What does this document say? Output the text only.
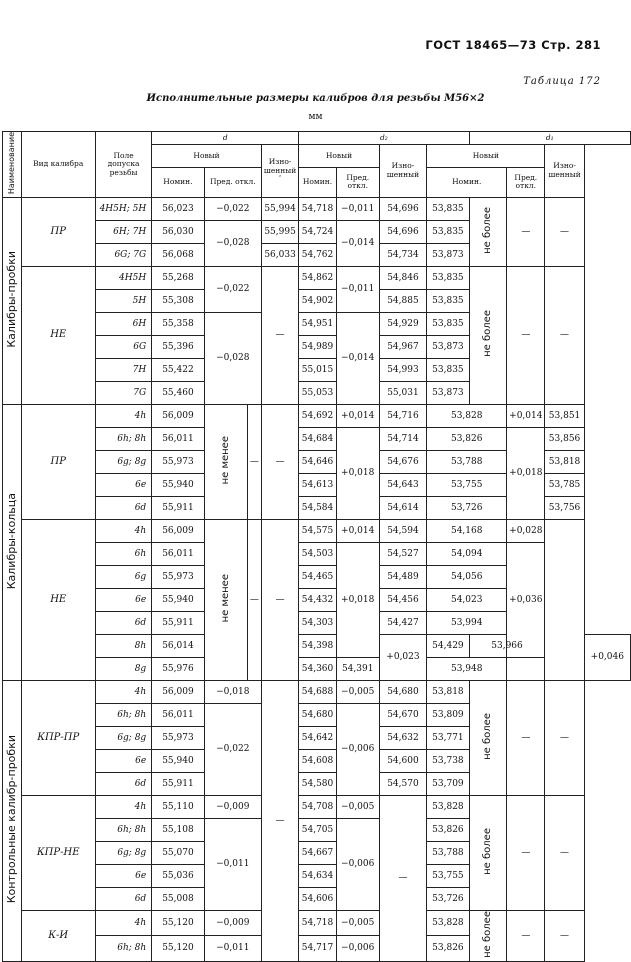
ГОСТ 18465—73 Стр. 281
Таблица 172
Исполнительные размеры калибров для резьбы М56×2
мм
Наименование	Вид калибра	Поле допуска резьбы	d				d₂				d₁			
			Новый			Изно- шенный
ʹ	Новый		Изно- шенный	Новый			Изно- шенный	
			Номин.	Пред. откл.			Номин.	Пред. откл.		Номин.		Пред. откл.		
Калибры-пробки	ПР	4H5H; 5H	56,023	−0,022		55,994	54,718	−0,011	54,696	53,835	не более	—	—	
		6H; 7H	56,030	−0,028		55,995	54,724	−0,014	54,696	53,835				
		6G; 7G	56,068			56,033	54,762		54,734	53,873				
	НЕ	4H5H	55,268	−0,022		—	54,862	−0,011	54,846	53,835	не более	—	—	
		5H	55,308				54,902		54,885	53,835				
		6H	55,358	−0,028			54,951	−0,014	54,929	53,835				
		6G	55,396				54,989		54,967	53,873				
		7H	55,422				55,015		54,993	53,835				
		7G	55,460				55,053		55,031	53,873				
Калибры-кольца	ПР	4h	56,009	не менее	—	—	54,692	+0,014	54,716	53,828		+0,014	53,851	
		6h; 8h	56,011				54,684	+0,018	54,714	53,826		+0,018	53,856	
		6g; 8g	55,973				54,646		54,676	53,788			53,818	
		6e	55,940				54,613		54,643	53,755			53,785	
		6d	55,911				54,584		54,614	53,726			53,756	
	НЕ	4h	56,009	не менее	—	—	54,575	+0,014	54,594	54,168		+0,028		
		6h	56,011				54,503	+0,018	54,527	54,094		+0,036		
		6g	55,973				54,465		54,489	54,056				
		6e	55,940				54,432		54,456	54,023				
		6d	55,911				54,303		54,427	53,994				
		8h	56,014				54,398		+0,023	54,429	53,966			+0,046
		8g	55,976				54,360	54,391		53,948				
Контрольные калибр-пробки	КПР-ПР	4h	56,009	−0,018		—	54,688	−0,005	54,680	53,818	не более	—	—	
		6h; 8h	56,011	−0,022			54,680	−0,006	54,670	53,809				
		6g; 8g	55,973				54,642		54,632	53,771				
		6e	55,940				54,608		54,600	53,738				
		6d	55,911				54,580		54,570	53,709				
	КПР-НЕ	4h	55,110	−0,009			54,708	−0,005	—	53,828	не более	—	—	
		6h; 8h	55,108	−0,011			54,705	−0,006		53,826				
		6g; 8g	55,070				54,667			53,788				
		6e	55,036				54,634			53,755				
		6d	55,008				54,606			53,726				
	К-И	4h	55,120	−0,009			54,718	−0,005		53,828	не более	—	—	
		6h; 8h	55,120	−0,011			54,717	−0,006		53,826				
